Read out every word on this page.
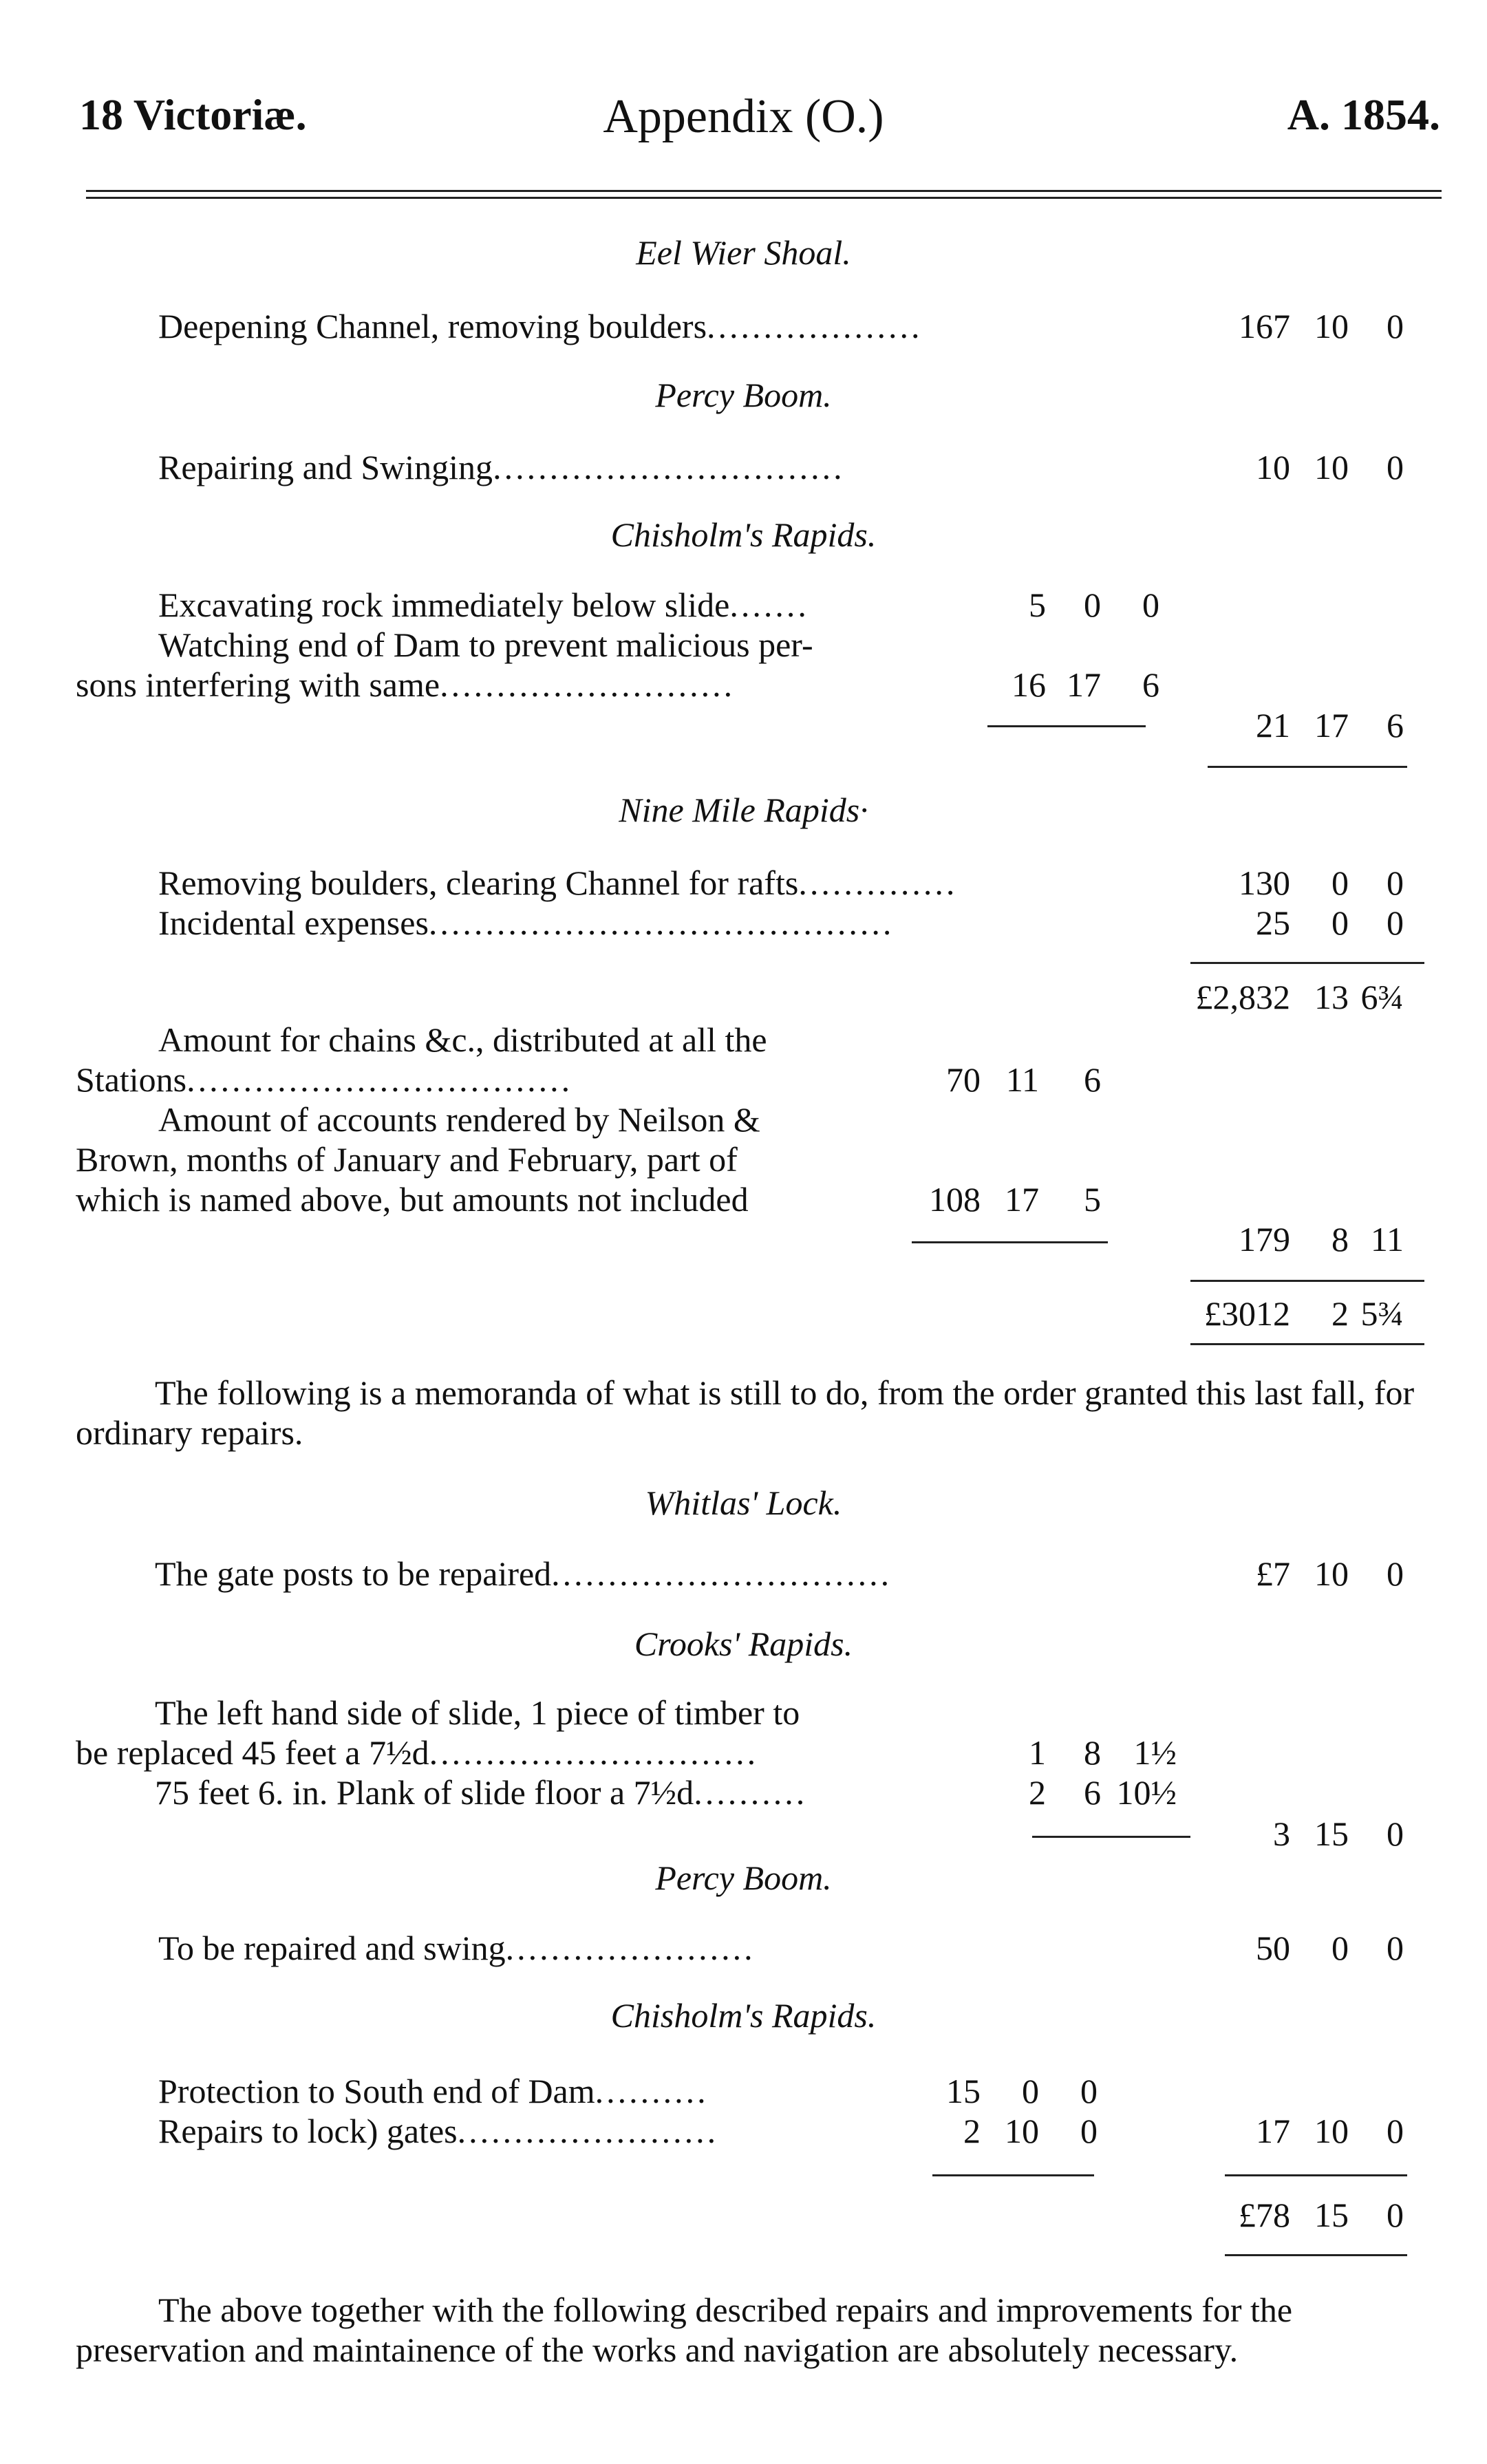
18 Victoriæ.	Appendix (O.)	A. 1854.
Eel Wier Shoal.
Deepening Channel, removing boulders...................	167 10	0
Percy Boom.
Repairing and Swinging...............................	10 10	0
Chisholm's Rapids.
Excavating rock immediately below slide.......	5	0	0
Watching end of Dam to prevent malicious per-
sons interfering with same..........................	16 17	6
21 17	6
Nine Mile Rapids·
Removing boulders, clearing Channel for rafts..............	130	0	0
Incidental expenses.........................................	25	0	0
£2,832 13 6¾
Amount for chains &c., distributed at all the
Stations..................................	70 11	6
Amount of accounts rendered by Neilson &
Brown, months of January and February, part of
which is named above, but amounts not included	108 17	5
179	8 11
£3012	2 5¾
The following is a memoranda of what is still to do, from the order granted this last fall, for ordinary repairs.
Whitlas' Lock.
The gate posts to be repaired..............................	£7 10	0
Crooks' Rapids.
The left hand side of slide, 1 piece of timber to
be replaced 45 feet a 7½d.............................	1	8 1½
75 feet 6. in. Plank of slide floor a 7½d..........	2	6 10½
3 15	0
Percy Boom.
To be repaired and swing......................	50	0	0
Chisholm's Rapids.
Protection to South end of Dam..........	15	0	0
Repairs to lock) gates.......................	2 10	0	17 10	0
£78 15	0
The above together with the following described repairs and improvements for the preservation and maintainence of the works and navigation are absolutely necessary.
